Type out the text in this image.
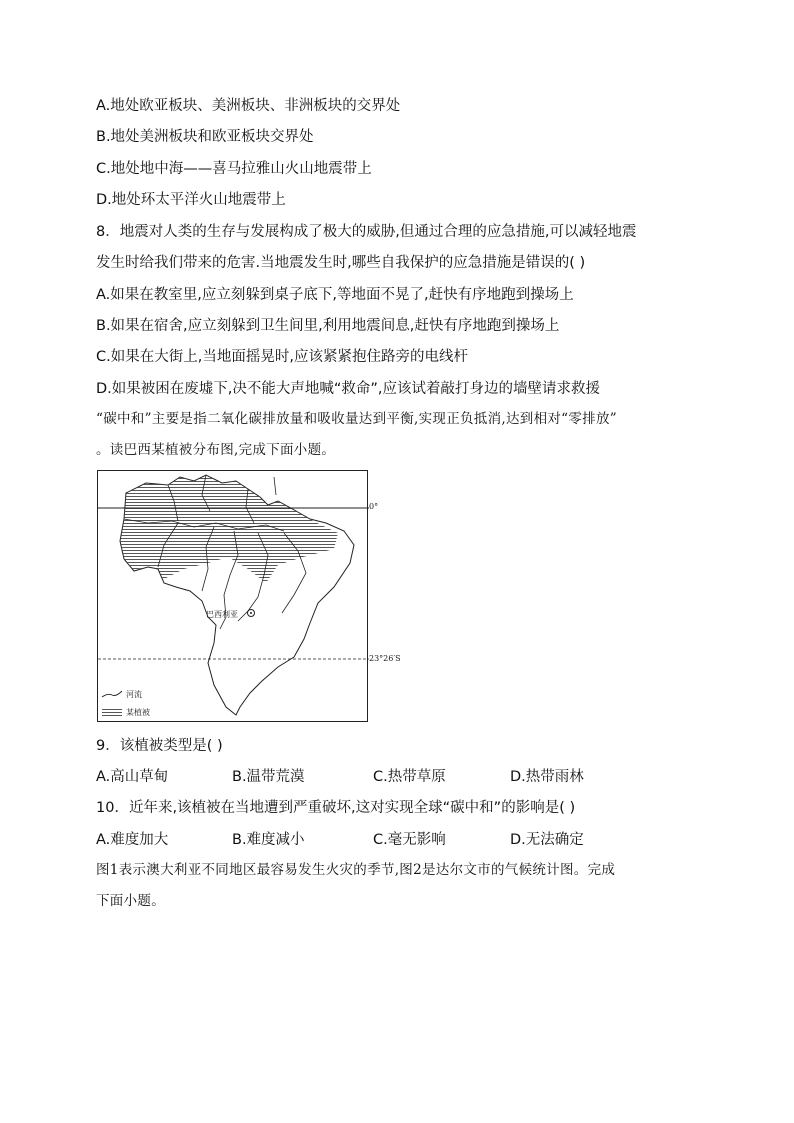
A.地处欧亚板块、美洲板块、非洲板块的交界处
B.地处美洲板块和欧亚板块交界处
C.地处地中海——喜马拉雅山火山地震带上
D.地处环太平洋火山地震带上
8．地震对人类的生存与发展构成了极大的威胁,但通过合理的应急措施,可以减轻地震
发生时给我们带来的危害.当地震发生时,哪些自我保护的应急措施是错误的( )
A.如果在教室里,应立刻躲到桌子底下,等地面不晃了,赶快有序地跑到操场上
B.如果在宿舍,应立刻躲到卫生间里,利用地震间息,赶快有序地跑到操场上
C.如果在大街上,当地面摇晃时,应该紧紧抱住路旁的电线杆
D.如果被困在废墟下,决不能大声地喊“救命”,应该试着敲打身边的墙壁请求救援
“碳中和”主要是指二氧化碳排放量和吸收量达到平衡,实现正负抵消,达到相对“零排放”
。读巴西某植被分布图,完成下面小题。
巴西利亚
河流
某植被
0°
23°26′S
9．该植被类型是( )
A.高山草甸	B.温带荒漠	C.热带草原	D.热带雨林
10．近年来,该植被在当地遭到严重破坏,这对实现全球“碳中和”的影响是( )
A.难度加大	B.难度减小	C.毫无影响	D.无法确定
图1表示澳大利亚不同地区最容易发生火灾的季节,图2是达尔文市的气候统计图。完成
下面小题。
